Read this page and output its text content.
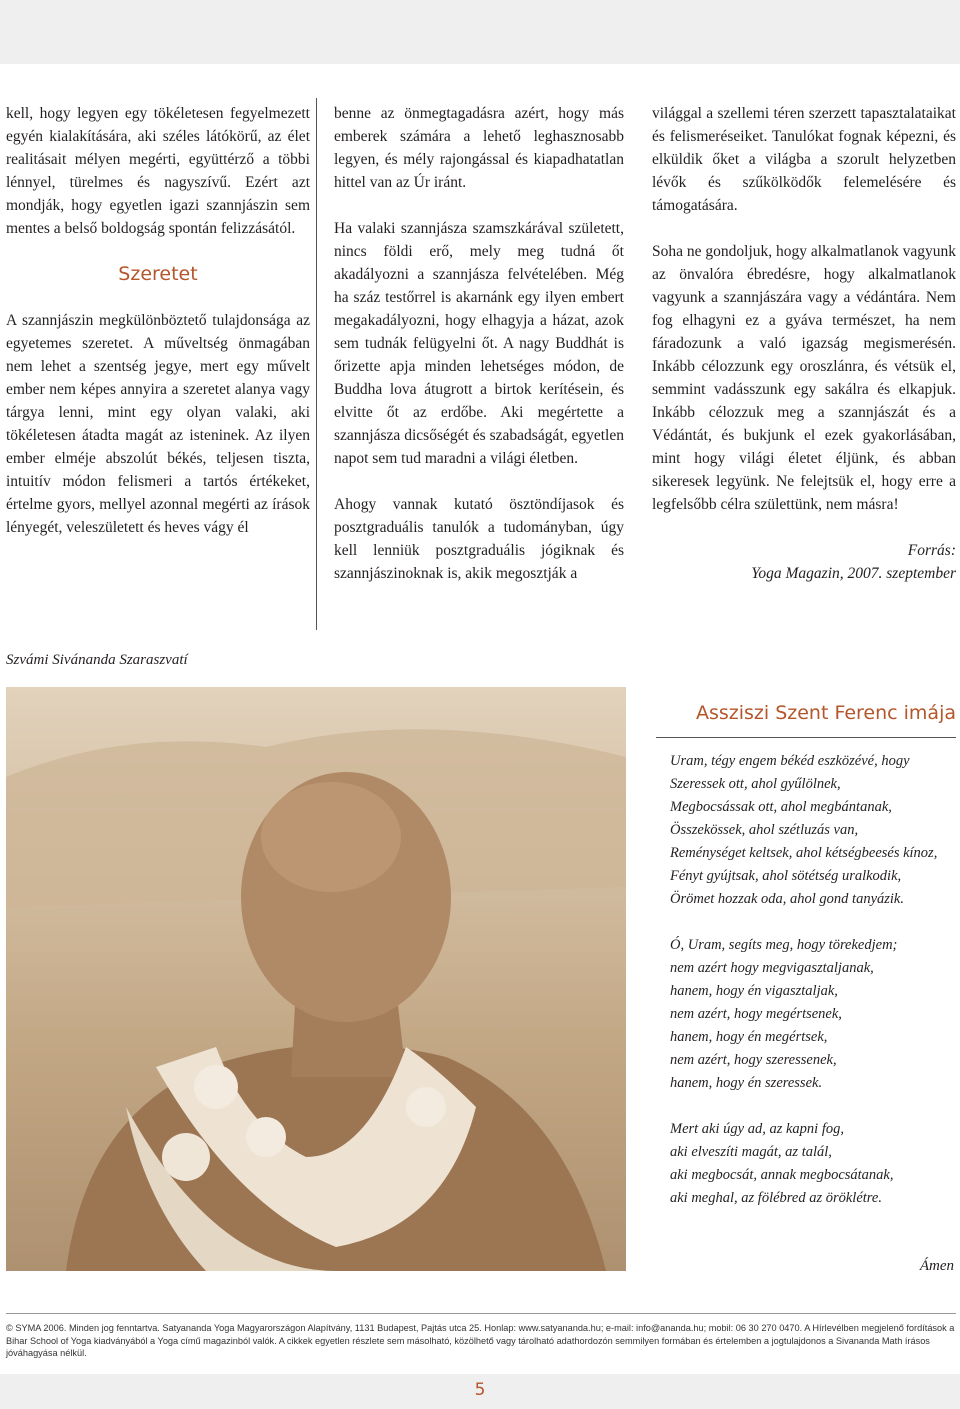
kell, hogy legyen egy tökéletesen fegyelmezett egyén kialakítására, aki széles látókörű, az élet realitásait mélyen megérti, együttérző a többi lénnyel, türelmes és nagyszívű. Ezért azt mondják, hogy egyetlen igazi szannjászin sem mentes a belső boldogság spontán felizzásától.

Szeretet

A szannjászin megkülönböztető tulajdonsága az egyetemes szeretet. A műveltség önmagában nem lehet a szentség jegye, mert egy művelt ember nem képes annyira a szeretet alanya vagy tárgya lenni, mint egy olyan valaki, aki tökéletesen átadta magát az isteninek. Az ilyen ember elméje abszolút békés, teljesen tiszta, intuitív módon felismeri a tartós értékeket, értelme gyors, mellyel azonnal megérti az írások lényegét, veleszületett és heves vágy él

benne az önmegtagadásra azért, hogy más emberek számára a lehető leghasznosabb legyen, és mély rajongással és kiapadhatatlan hittel van az Úr iránt.

Ha valaki szannjásza szamszkárával született, nincs földi erő, mely meg tudná őt akadályozni a szannjásza felvételében. Még ha száz testőrrel is akarnánk egy ilyen embert megakadályozni, hogy elhagyja a házat, azok sem tudnák felügyelni őt. A nagy Buddhát is őrizette apja minden lehetséges módon, de Buddha lova átugrott a birtok kerítésein, és elvitte őt az erdőbe. Aki megértette a szannjásza dicsőségét és szabadságát, egyetlen napot sem tud maradni a világi életben.

Ahogy vannak kutató ösztöndíjasok és posztgraduális tanulók a tudományban, úgy kell lenniük posztgraduális jógiknak és szannjászinoknak is, akik megosztják a

világgal a szellemi téren szerzett tapasztalataikat és felismeréseiket. Tanulókat fognak képezni, és elküldik őket a világba a szorult helyzetben lévők és szűkölködők felemelésére és támogatására.

Soha ne gondoljuk, hogy alkalmatlanok vagyunk az önvalóra ébredésre, hogy alkalmatlanok vagyunk a szannjászára vagy a védántára. Nem fog elhagyni ez a gyáva természet, ha nem fáradozunk a való igazság megismerésén. Inkább célozzunk egy oroszlánra, és vétsük el, semmint vadásszunk egy sakálra és elkapjuk. Inkább célozzuk meg a szannjászát és a Védántát, és bukjunk el ezek gyakorlásában, mint hogy világi életet éljünk, és abban sikeresek legyünk. Ne felejtsük el, hogy erre a legfelsőbb célra születtünk, nem másra!

Forrás:

Yoga Magazin, 2007. szeptember

Szvámi Sivánanda Szaraszvatí
Assziszi Szent Ferenc imája
Uram, tégy engem békéd eszközévé, hogy
Szeressek ott, ahol gyűlölnek,
Megbocsássak ott, ahol megbántanak,
Összekössek, ahol szétluzás van,
Reménységet keltsek, ahol kétségbeesés kínoz,
Fényt gyújtsak, ahol sötétség uralkodik,
Örömet hozzak oda, ahol gond tanyázik.
Ó, Uram, segíts meg, hogy törekedjem;
nem azért hogy megvigasztaljanak,
hanem, hogy én vigasztaljak,
nem azért, hogy megértsenek,
hanem, hogy én megértsek,
nem azért, hogy szeressenek,
hanem, hogy én szeressek.
Mert aki úgy ad, az kapni fog,
aki elveszíti magát, az talál,
aki megbocsát, annak megbocsátanak,
aki meghal, az fölébred az öröklétre.
Ámen
© SYMA 2006. Minden jog fenntartva. Satyananda Yoga Magyarországon Alapítvány, 1131 Budapest, Pajtás utca 25. Honlap: www.satyananda.hu; e-mail: info@ananda.hu; mobil: 06 30 270 0470. A Hírlevélben megjelenő fordítások a Bihar School of Yoga kiadványából a Yoga című magazinból valók. A cikkek egyetlen részlete sem másolható, közölhető vagy tárolható adathordozón semmilyen formában és értelemben a jogtulajdonos a Sivananda Math írásos jóváhagyása nélkül.
5
